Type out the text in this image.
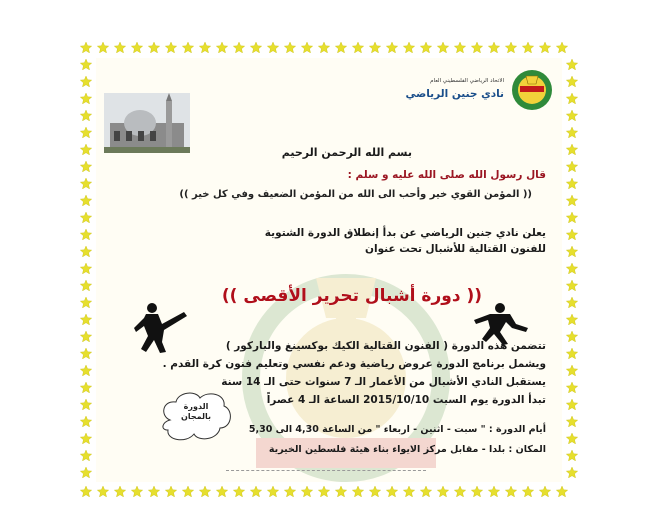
الاتحاد الرياضي الفلسطيني العام
نادي جنين الرياضي
بسم الله الرحمن الرحيم
قال رسول الله صلى الله عليه و سلم :
(( المؤمن القوي خير وأحب الى الله من المؤمن الضعيف وفي كل خير ))
يعلن نادي جنين الرياضي عن بدأ إنطلاق الدورة الشتوية
للفنون القتالية للأشبال تحت عنوان
(( دورة أشبال تحرير الأقصى ))
تتضمن هذه الدورة ( الفنون القتالية الكيك بوكسينغ والباركور )
ويشمل برنامج الدورة عروض رياضية ودعم نفسي وتعليم فنون كرة القدم .
يستقبل النادي الأشبال من الأعمار الـ 7 سنوات حتى الـ 14 سنة
تبدأ الدورة يوم السبت 2015/10/10 الساعة الـ 4 عصراً
أيام الدورة : " سبت - اثنين - اربعاء " من الساعة 4,30 الى 5,30
المكان : بلدا - مقابل مركز الايواء بناء هيئة فلسطين الخيرية
الدورة بالمجان
